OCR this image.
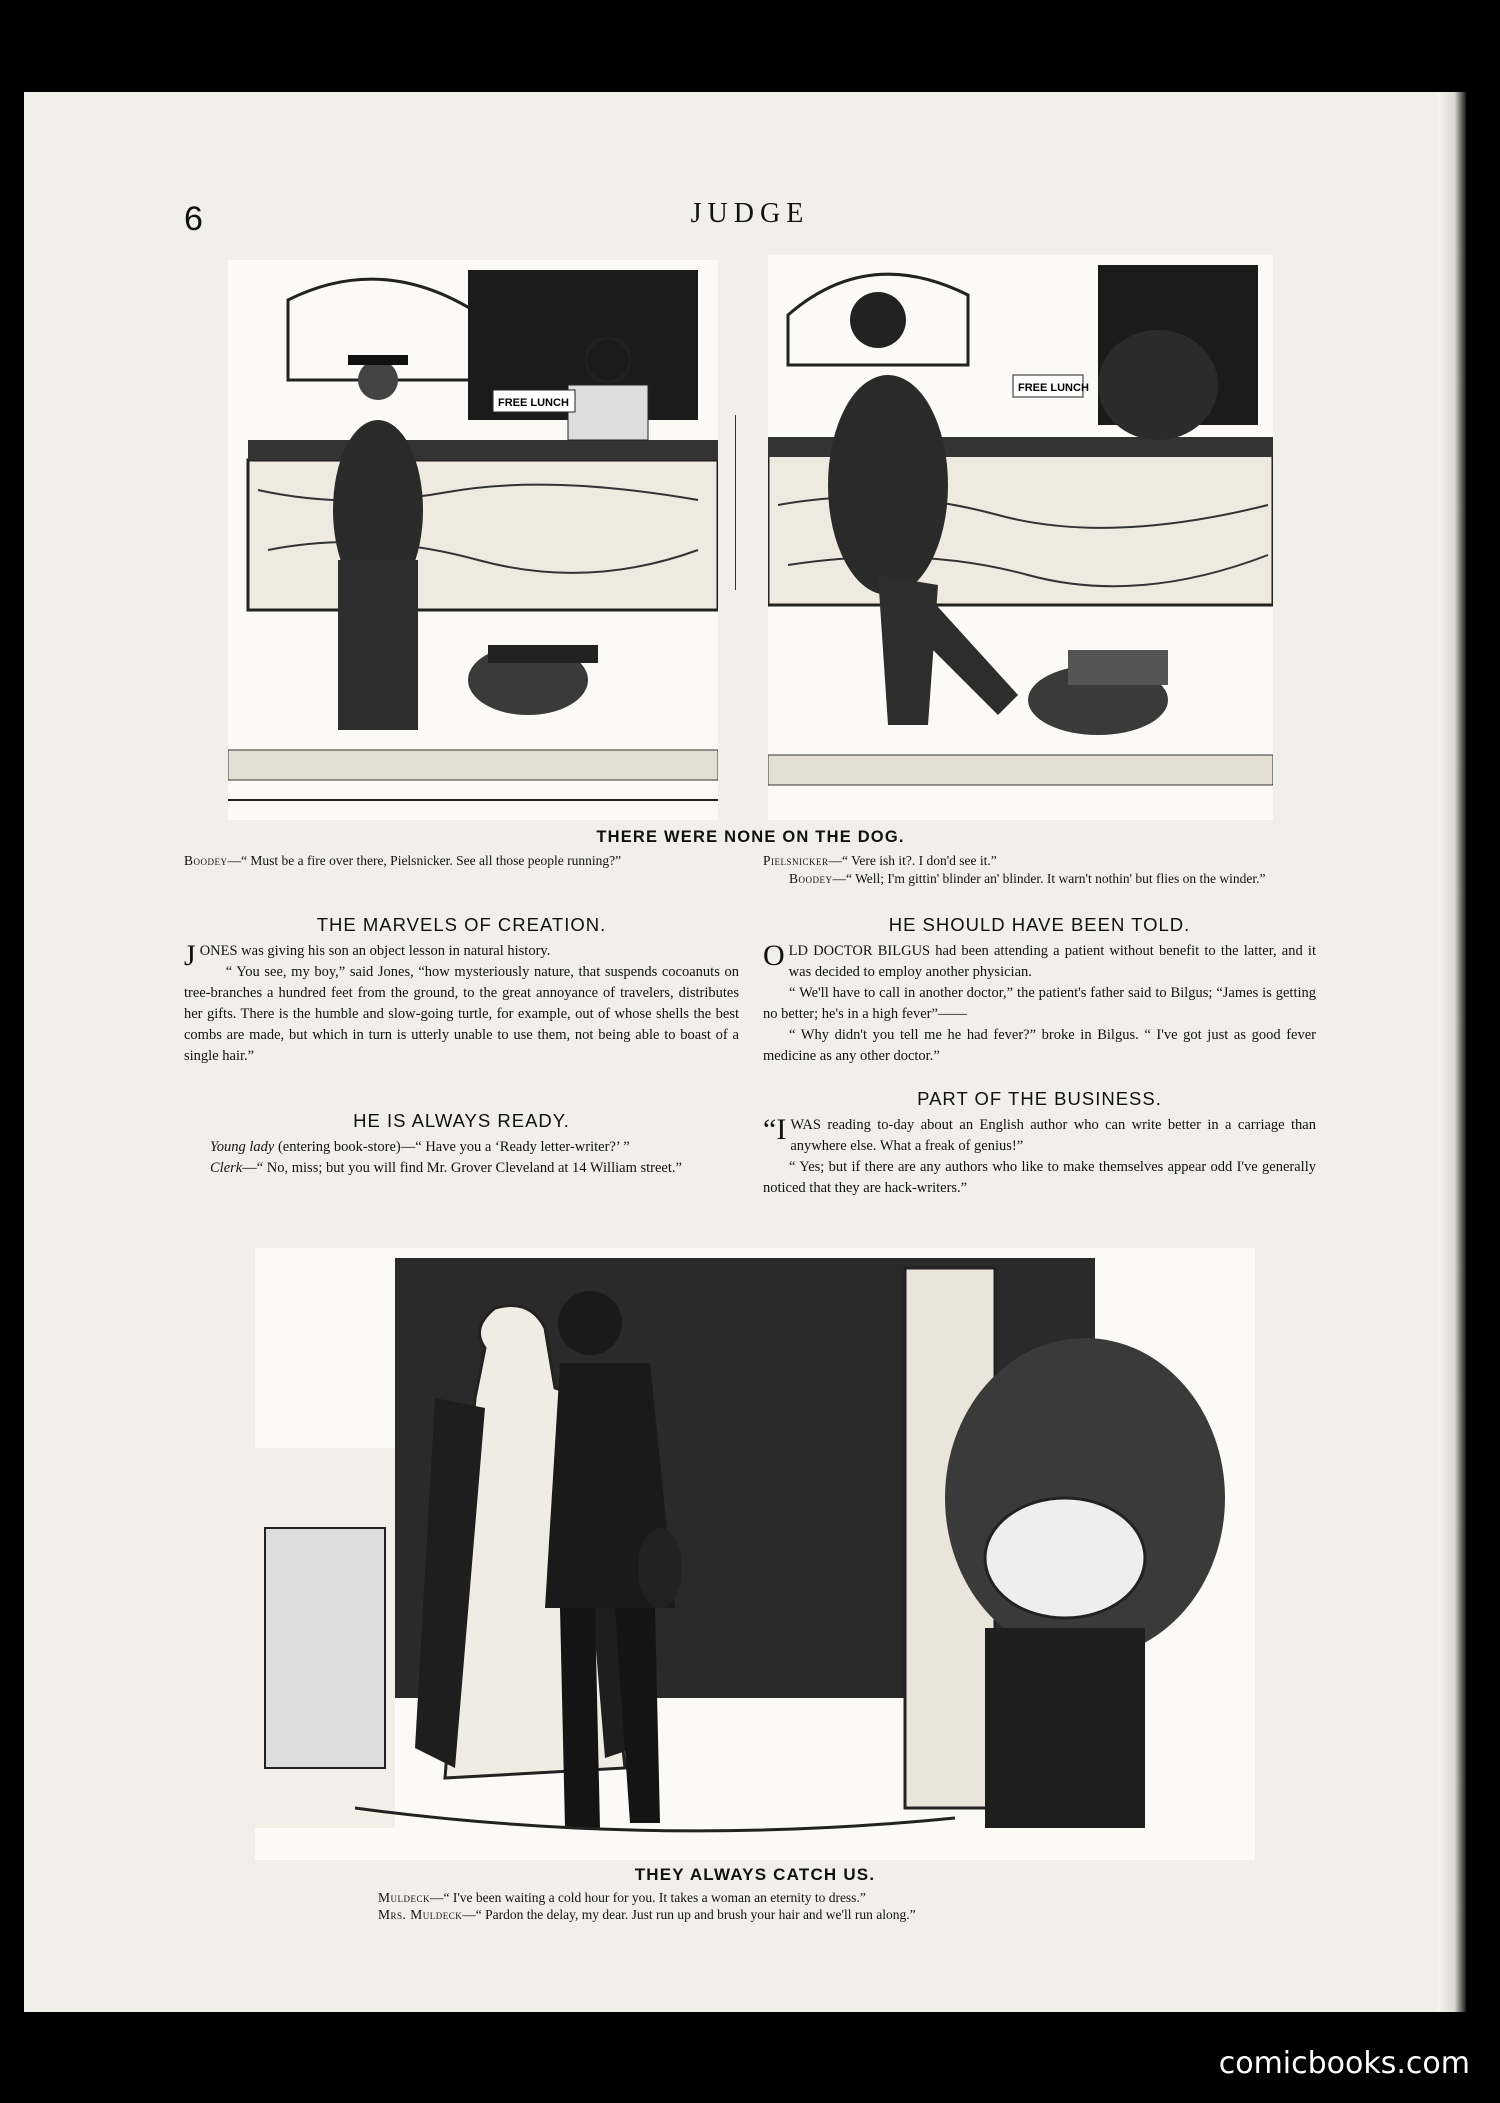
6	JUDGE
FREE LUNCH
FREE LUNCH
THERE WERE NONE ON THE DOG.

Boodey—“ Must be a fire over there, Pielsnicker. See all those people running?”	Pielsnicker—“ Vere ish it?. I don'd see it.”

Boodey—“ Well; I'm gittin' blinder an' blinder. It warn't nothin' but flies on the winder.”

THE MARVELS OF CREATION.

JONES was giving his son an object lesson in natural history.

“ You see, my boy,” said Jones, “how mysteriously nature, that suspends cocoanuts on tree-branches a hundred feet from the ground, to the great annoyance of travelers, distributes her gifts. There is the humble and slow-going turtle, for example, out of whose shells the best combs are made, but which in turn is utterly unable to use them, not being able to boast of a single hair.”

HE IS ALWAYS READY.

Young lady (entering book-store)—“ Have you a ‘Ready letter-writer?’ ”

Clerk—“ No, miss; but you will find Mr. Grover Cleveland at 14 William street.”

HE SHOULD HAVE BEEN TOLD.

OLD DOCTOR BILGUS had been attending a patient without benefit to the latter, and it was decided to employ another physician.

“ We'll have to call in another doctor,” the patient's father said to Bilgus; “James is getting no better; he's in a high fever”——

“ Why didn't you tell me he had fever?” broke in Bilgus. “ I've got just as good fever medicine as any other doctor.”

PART OF THE BUSINESS.

“I WAS reading to-day about an English author who can write better in a carriage than anywhere else. What a freak of genius!”

“ Yes; but if there are any authors who like to make themselves appear odd I've generally noticed that they are hack-writers.”

THEY ALWAYS CATCH US.

Muldeck—“ I've been waiting a cold hour for you. It takes a woman an eternity to dress.”

Mrs. Muldeck—“ Pardon the delay, my dear. Just run up and brush your hair and we'll run along.”

comicbooks.com
